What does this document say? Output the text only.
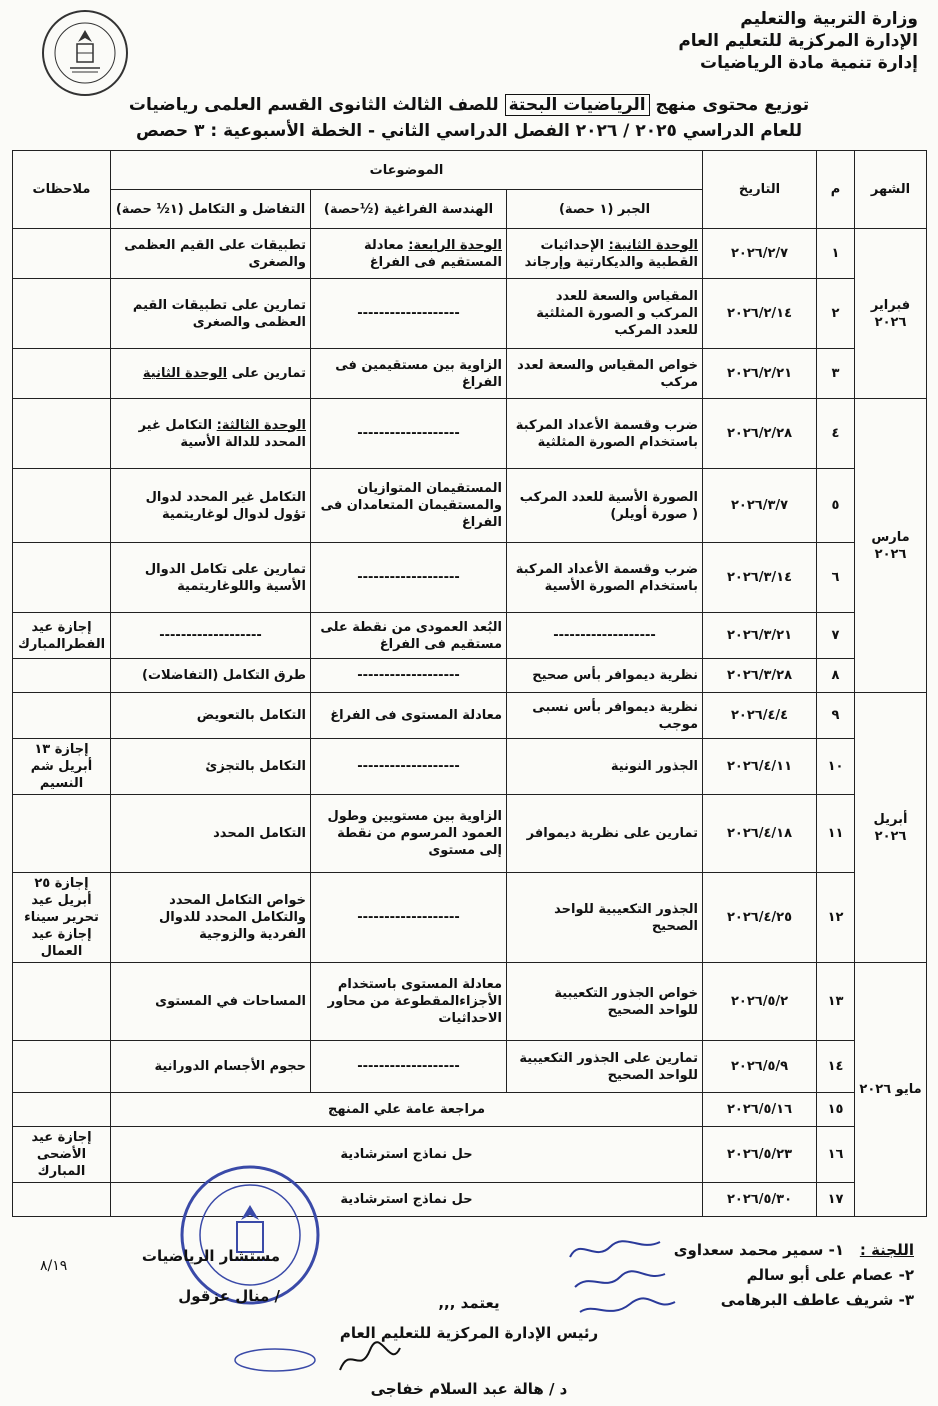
وزارة التربية والتعليم
الإدارة المركزية للتعليم العام
إدارة تنمية مادة الرياضيات
توزيع محتوى منهج الرياضيات البحتة للصف الثالث الثانوى القسم العلمى رياضيات
للعام الدراسي ٢٠٢٥ / ٢٠٢٦ الفصل الدراسي الثاني - الخطة الأسبوعية : ٣ حصص
الشهر	م	التاريخ	الموضوعات			ملاحظات
			الجبر (١ حصة)	الهندسة الفراغية (½حصة)	التفاضل و التكامل (١½ حصة)	
فبراير ٢٠٢٦	١	٢٠٢٦/٢/٧	الوحدة الثانية: الإحداثيات القطبية والديكارتية وإرجاند	الوحدة الرابعة: معادلة المستقيم فى الفراغ	تطبيقات على القيم العظمى والصغرى	
	٢	٢٠٢٦/٢/١٤	المقياس والسعة للعدد المركب و الصورة المثلثية للعدد المركب	-------------------	تمارين على تطبيقات القيم العظمى والصغرى	
	٣	٢٠٢٦/٢/٢١	خواص المقياس والسعة لعدد مركب	الزاوية بين مستقيمين فى الفراغ	تمارين على الوحدة الثانية	
مارس ٢٠٢٦	٤	٢٠٢٦/٢/٢٨	ضرب وقسمة الأعداد المركبة باستخدام الصورة المثلثية	-------------------	الوحدة الثالثة: التكامل غير المحدد للدالة الأسية	
	٥	٢٠٢٦/٣/٧	الصورة الأسية للعدد المركب ( صورة أويلر)	المستقيمان المتوازيان والمستقيمان المتعامدان فى الفراغ	التكامل غير المحدد لدوال تؤول لدوال لوغاريتمية	
	٦	٢٠٢٦/٣/١٤	ضرب وقسمة الأعداد المركبة باستخدام الصورة الأسية	-------------------	تمارين على تكامل الدوال الأسية واللوغاريتمية	
	٧	٢٠٢٦/٣/٢١	-------------------	البُعد العمودى من نقطة على مستقيم فى الفراغ	-------------------	إجازة عيد الفطرالمبارك
	٨	٢٠٢٦/٣/٢٨	نظرية ديموافر بأس صحيح	-------------------	طرق التكامل (التفاضلات)	
أبريل ٢٠٢٦	٩	٢٠٢٦/٤/٤	نظرية ديموافر بأس نسبى موجب	معادلة المستوى فى الفراغ	التكامل بالتعويض	
	١٠	٢٠٢٦/٤/١١	الجذور النونية	-------------------	التكامل بالتجزئ	إجازة ١٣ أبريل شم النسيم
	١١	٢٠٢٦/٤/١٨	تمارين على نظرية ديموافر	الزاوية بين مستويين وطول العمود المرسوم من نقطة إلى مستوى	التكامل المحدد	
	١٢	٢٠٢٦/٤/٢٥	الجذور التكعيبية للواحد الصحيح	-------------------	خواص التكامل المحدد والتكامل المحدد للدوال الفردية والزوجية	إجازة ٢٥ أبريل عيد تحرير سيناء إجازة عيد العمال
مايو ٢٠٢٦	١٣	٢٠٢٦/٥/٢	خواص الجذور التكعيبية للواحد الصحيح	معادلة المستوى باستخدام الأجزاءالمقطوعة من محاور الاحداثيات	المساحات في المستوى	
	١٤	٢٠٢٦/٥/٩	تمارين على الجذور التكعيبية للواحد الصحيح	-------------------	حجوم الأجسام الدورانية	
	١٥	٢٠٢٦/٥/١٦	مراجعة عامة علي المنهج			
	١٦	٢٠٢٦/٥/٢٣	حل نماذج استرشادية			إجازة عيد الأضحى المبارك
	١٧	٢٠٢٦/٥/٣٠	حل نماذج استرشادية			
اللجنة :
١- سمير محمد سعداوى
٢- عصام على أبو سالم
٣- شريف عاطف البرهامى
مستشار الرياضيات
/ منال عزقول
٨/١٩
يعتمد ,,,
رئيس الإدارة المركزية للتعليم العام
د / هالة عبد السلام خفاجى
